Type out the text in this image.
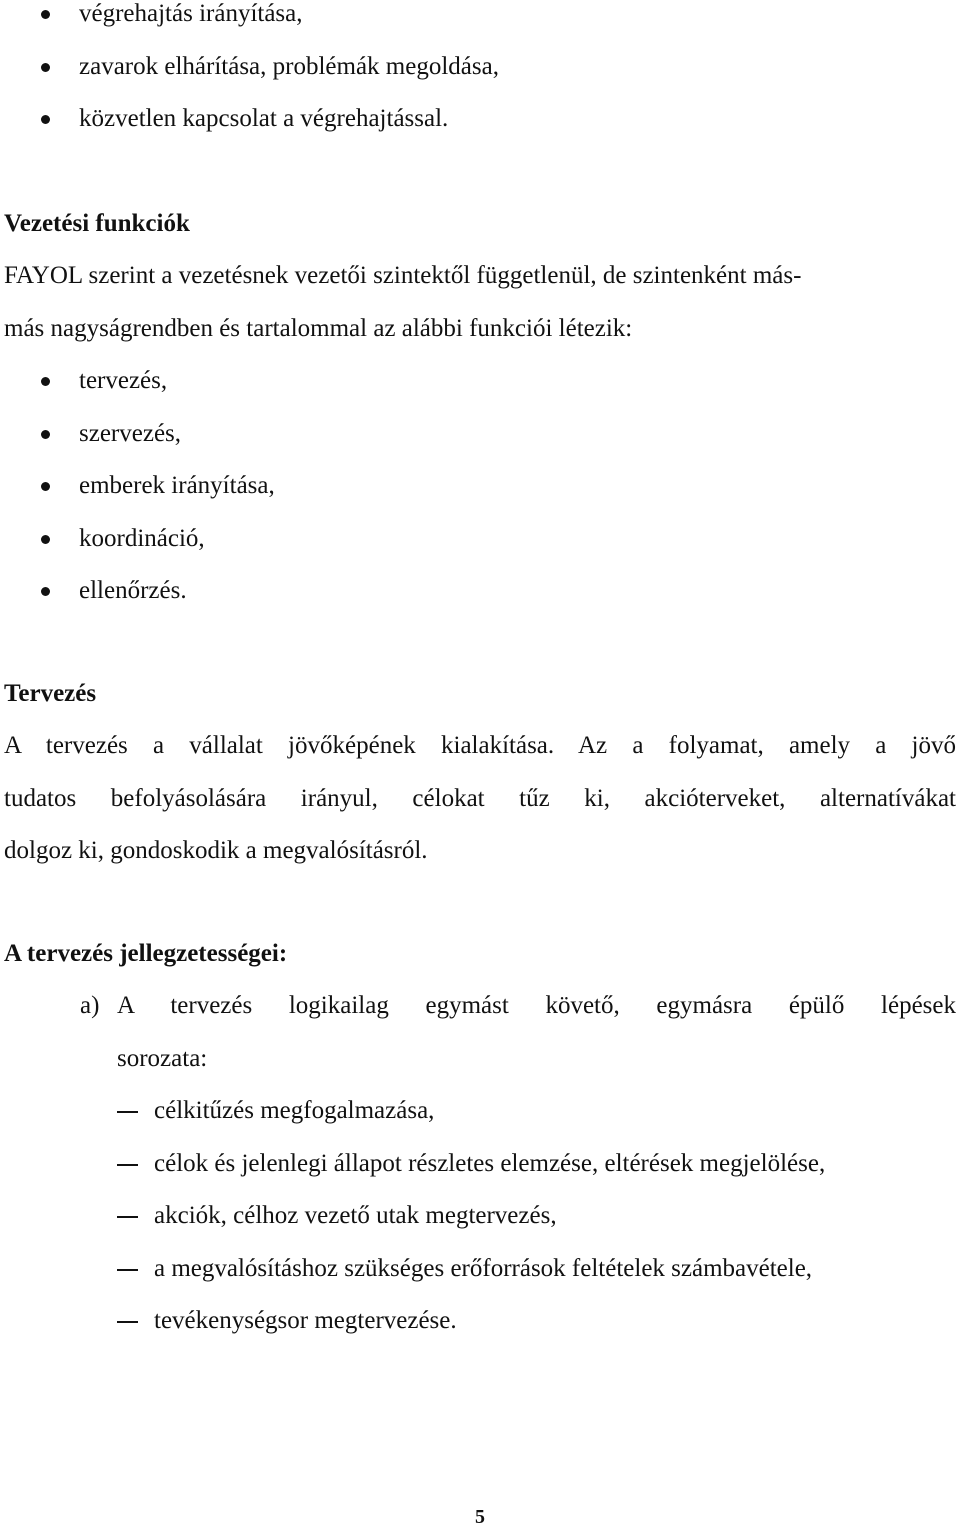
végrehajtás irányítása,
zavarok elhárítása, problémák megoldása,
közvetlen kapcsolat a végrehajtással.
Vezetési funkciók

FAYOL szerint a vezetésnek vezetői szintektől függetlenül, de szintenként más-
más nagyságrendben és tartalommal az alábbi funkciói létezik:

tervezés,
szervezés,
emberek irányítása,
koordináció,
ellenőrzés.
Tervezés

A tervezés a vállalat jövőképének kialakítása. Az a folyamat, amely a jövő
tudatos befolyásolására irányul, célokat tűz ki, akcióterveket, alternatívákat
dolgoz ki, gondoskodik a megvalósításról.

A tervezés jellegzetességei:
a) A tervezés logikailag egymást követő, egymásra épülő lépések
sorozata:
célkitűzés megfogalmazása,
célok és jelenlegi állapot részletes elemzése, eltérések megjelölése,
akciók, célhoz vezető utak megtervezés,
a megvalósításhoz szükséges erőforrások feltételek számbavétele,
tevékenységsor megtervezése.
5
